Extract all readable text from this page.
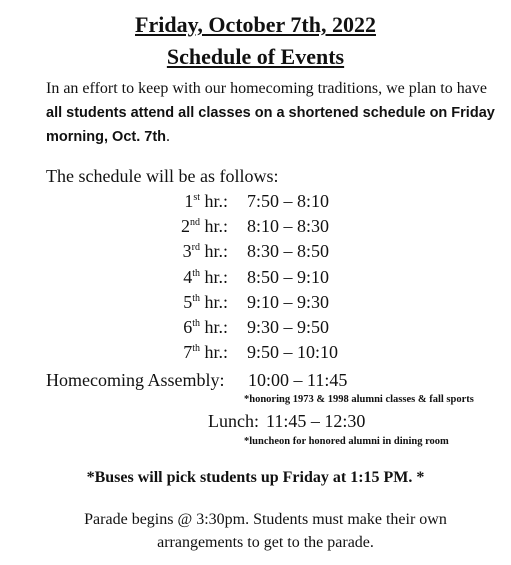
Friday, October 7th, 2022
Schedule of Events
In an effort to keep with our homecoming traditions, we plan to have all students attend all classes on a shortened schedule on Friday morning, Oct. 7th.
The schedule will be as follows:
1st hr.: 7:50 – 8:10
2nd hr.: 8:10 – 8:30
3rd hr.: 8:30 – 8:50
4th hr.: 8:50 – 9:10
5th hr.: 9:10 – 9:30
6th hr.: 9:30 – 9:50
7th hr.: 9:50 – 10:10
Homecoming Assembly: 10:00 – 11:45
*honoring 1973 & 1998 alumni classes & fall sports
Lunch: 11:45 – 12:30
*luncheon for honored alumni in dining room
*Buses will pick students up Friday at 1:15 PM. *
Parade begins @ 3:30pm. Students must make their own arrangements to get to the parade.
